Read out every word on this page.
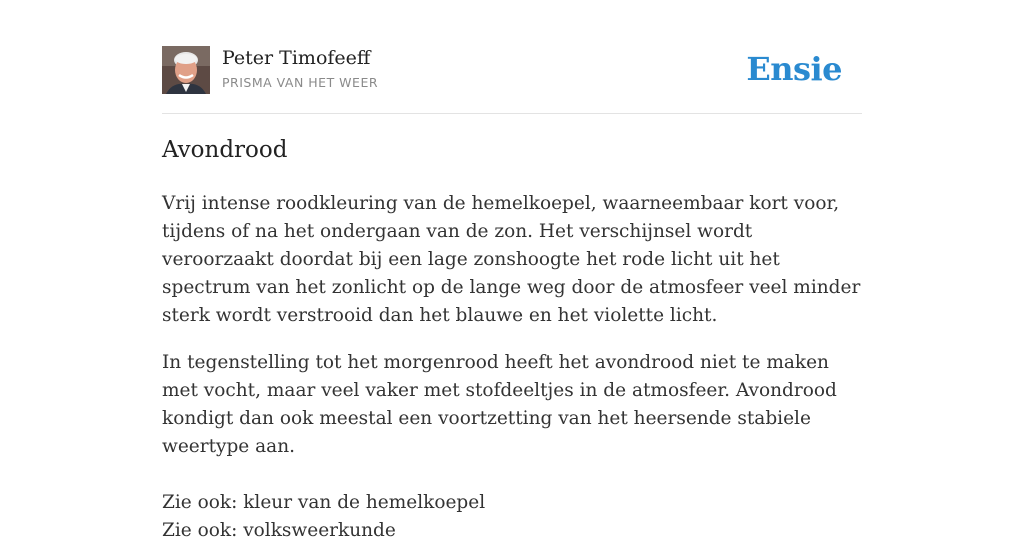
Peter Timofeeff
PRISMA VAN HET WEER	Ensie
Avondrood

Vrij intense roodkleuring van de hemelkoepel, waarneembaar kort voor, tijdens of na het ondergaan van de zon. Het verschijnsel wordt veroorzaakt doordat bij een lage zonshoogte het rode licht uit het spectrum van het zonlicht op de lange weg door de atmosfeer veel minder sterk wordt verstrooid dan het blauwe en het violette licht.

In tegenstelling tot het morgenrood heeft het avondrood niet te maken met vocht, maar veel vaker met stofdeeltjes in de atmosfeer. Avondrood kondigt dan ook meestal een voortzetting van het heersende stabiele weertype aan.

Zie ook: kleur van de hemelkoepel
Zie ook: volksweerkunde
